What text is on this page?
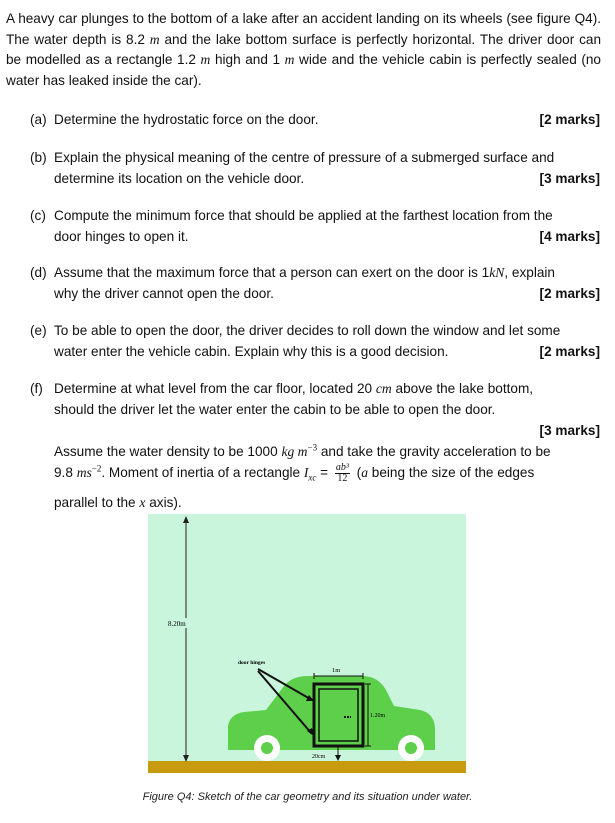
A heavy car plunges to the bottom of a lake after an accident landing on its wheels (see figure Q4). The water depth is 8.2 m and the lake bottom surface is perfectly horizontal. The driver door can be modelled as a rectangle 1.2 m high and 1 m wide and the vehicle cabin is perfectly sealed (no water has leaked inside the car).
(a)	[2 marks]
Determine the hydrostatic force on the door.
(b) Explain the physical meaning of the centre of pressure of a submerged surface and
[3 marks]
determine its location on the vehicle door.
(c) Compute the minimum force that should be applied at the farthest location from the
[4 marks]
door hinges to open it.
(d) Assume that the maximum force that a person can exert on the door is 1kN, explain
[2 marks]
why the driver cannot open the door.
(e) To be able to open the door, the driver decides to roll down the window and let some
[2 marks]
water enter the vehicle cabin. Explain why this is a good decision.
(f) Determine at what level from the car floor, located 20 cm above the lake bottom,
should the driver let the water enter the cabin to be able to open the door.
[3 marks]
Assume the water density to be 1000 kg $m^{-3}$ and take the gravity acceleration to be
9.8 $ms^{-2}$. Moment of inertia of a rectangle $I_{xc} = \frac{\text{ab³}}{12} (a$ being the size of the edges
parallel to the x axis).
8.20m
door hinges
1m
1.20m
20cm
Figure Q4: Sketch of the car geometry and its situation under water.
